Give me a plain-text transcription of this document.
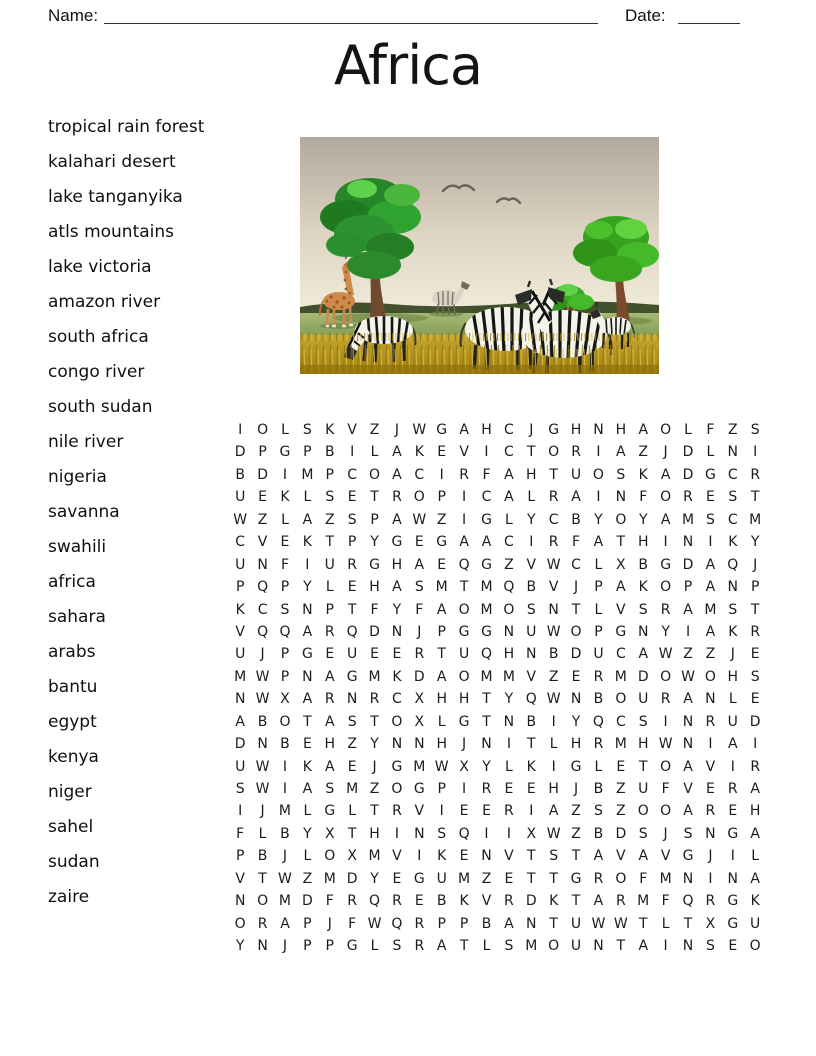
Name:	Date:
Africa
tropical rain forest
kalahari desert
lake tanganyika
atls mountains
lake victoria
amazon river
south africa
congo river
south sudan
nile river
nigeria
savanna
swahili
africa
sahara
arabs
bantu
egypt
kenya
niger
sahel
sudan
zaire
I	O L	S K V Z	J W G A H C	J	G H N H A O L	F Z S
D P G P B	I	L A K E V	I	C T O R	I	A Z	J	D L N	I
B D	I	M P C O A C	I	R F A H T U O S K A D G C R
U E K L	S E T R O P	I	C A L R A	I	N F O R E S T
W Z L A Z S P A W Z	I	G L	Y C B Y O Y A M S C M
C V E K T P Y G E G A A C	I	R F A T H	I	N	I	K Y
U N F	I	U R G H A E Q G Z V W C L X B G D A Q	J
P Q P Y	L	E H A S M T M Q B V	J	P A K O P A N P
K C S N P T	F	Y	F A O M O S N T	L V S R A M S T
V Q Q A R Q D N	J	P G G N U W O P G N Y	I	A K R
U	J	P G E U E E R T U Q H N B D U C A W Z Z	J	E
M W P N A G M K D A O M M V Z E R M D O W O H S
N W X A R N R C X H H T Y Q W N B O U R A N L	E
A B O T A S T O X L G T N B	I	Y Q C S	I	N R U D
D N B E H Z Y N N H	J	N	I	T	L H R M H W N	I	A	I
U W I	K A E	J	G M W X Y	L K	I	G L	E T O A V	I	R
S W I	A S M Z O G P	I	R E E H	J	B Z U F V E R A
I	J	M L G L	T R V	I	E E R	I	A Z S Z O O A R E H
F	L B Y X T H	I	N S Q	I	I	X W Z B D S	J	S N G A
P B	J	L O X M V	I	K E N V T S T A V A V G	J	I	L
V T W Z M D Y E G U M Z E T T G R O F M N	I	N A
N O M D F R Q R E B K V R D K T A R M F Q R G K
O R A P	J	F W Q R P P B A N T U W W T	L	T X G U
Y N	J	P P G L	S R A T	L	S M O U N T A	I	N S E O
